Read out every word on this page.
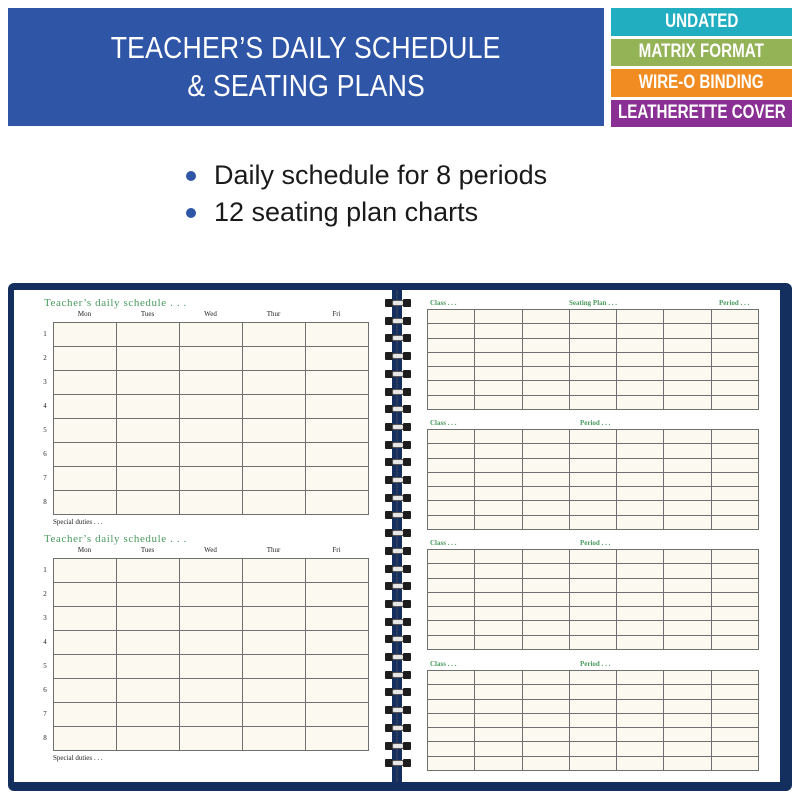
TEACHER’S DAILY SCHEDULE
& SEATING PLANS
UNDATED
MATRIX FORMAT
WIRE-O BINDING
LEATHERETTE COVER
Daily schedule for 8 periods
12 seating plan charts
Teacher’s daily schedule . . .
Mon	Tues	Wed	Thur	Fri
1
2
3
4
5
6
7
8

Special duties . . .
Teacher’s daily schedule . . .
Mon	Tues	Wed	Thur	Fri
1
2
3
4
5
6
7
8

Special duties . . .
Class . . .	Seating Plan . . .	Period . . .

Class . . .	Period . . .

Class . . .	Period . . .

Class . . .	Period . . .
